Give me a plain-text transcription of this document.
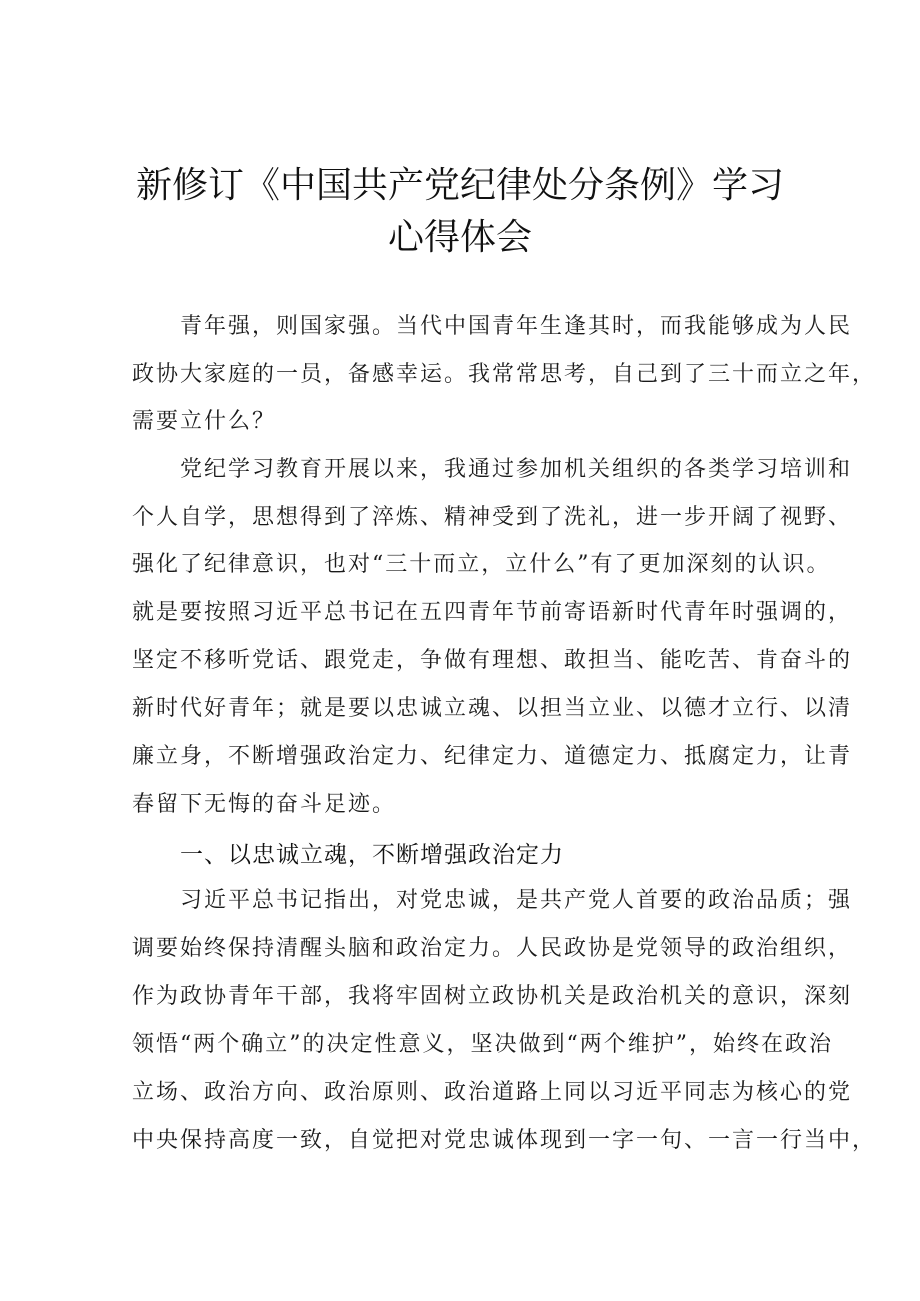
新修订《中国共产党纪律处分条例》学习
心得体会
青年强，则国家强。当代中国青年生逢其时，而我能够成为人民
政协大家庭的一员，备感幸运。我常常思考，自己到了三十而立之年，
需要立什么？
党纪学习教育开展以来，我通过参加机关组织的各类学习培训和
个人自学，思想得到了淬炼、精神受到了洗礼，进一步开阔了视野、
强化了纪律意识，也对“三十而立，立什么”有了更加深刻的认识。
就是要按照习近平总书记在五四青年节前寄语新时代青年时强调的，
坚定不移听党话、跟党走，争做有理想、敢担当、能吃苦、肯奋斗的
新时代好青年；就是要以忠诚立魂、以担当立业、以德才立行、以清
廉立身，不断增强政治定力、纪律定力、道德定力、抵腐定力，让青
春留下无悔的奋斗足迹。
一、以忠诚立魂，不断增强政治定力
习近平总书记指出，对党忠诚，是共产党人首要的政治品质；强
调要始终保持清醒头脑和政治定力。人民政协是党领导的政治组织，
作为政协青年干部，我将牢固树立政协机关是政治机关的意识，深刻
领悟“两个确立”的决定性意义，坚决做到“两个维护”，始终在政治
立场、政治方向、政治原则、政治道路上同以习近平同志为核心的党
中央保持高度一致，自觉把对党忠诚体现到一字一句、一言一行当中，
